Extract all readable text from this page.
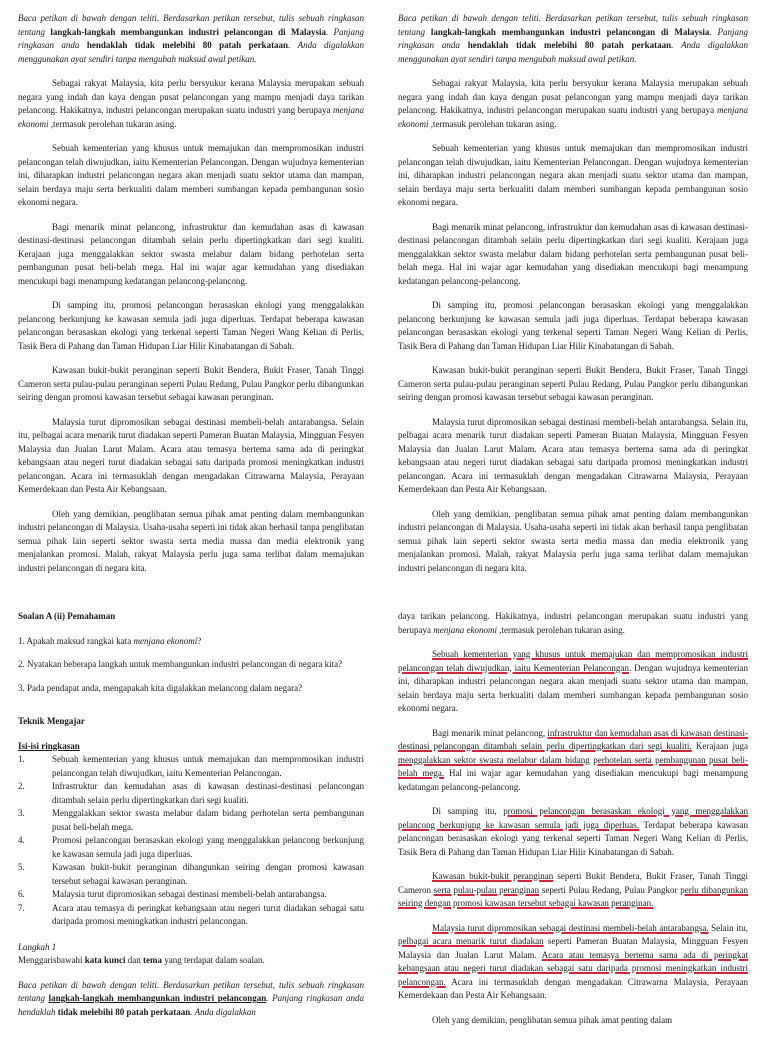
Baca petikan di bawah dengan teliti. Berdasarkan petikan tersebut, tulis sebuah ringkasan tentang langkah-langkah membangunkan industri pelancongan di Malaysia. Panjang ringkasan anda hendaklah tidak melebihi 80 patah perkataan. Anda digalakkan menggunakan ayat sendiri tanpa mengubah maksud awal petikan.

Sebagai rakyat Malaysia, kita perlu bersyukur kerana Malaysia merupakan sebuah negara yang indah dan kaya dengan pusat pelancongan yang mampu menjadi daya tarikan pelancong. Hakikatnya, industri pelancongan merupakan suatu industri yang berupaya menjana ekonomi ,termasuk perolehan tukaran asing.

Sebuah kementerian yang khusus untuk memajukan dan mempromosikan industri pelancongan telah diwujudkan, iaitu Kementerian Pelancongan. Dengan wujudnya kementerian ini, diharapkan industri pelancongan negara akan menjadi suatu sektor utama dan mampan, selain berdaya maju serta berkualiti dalam memberi sumbangan kepada pembangunan sosio ekonomi negara.

Bagi menarik minat pelancong, infrastruktur dan kemudahan asas di kawasan destinasi-destinasi pelancongan ditambah selain perlu dipertingkatkan dari segi kualiti. Kerajaan juga menggalakkan sektor swasta melabur dalam bidang perhotelan serta pembangunan pusat beli-belah mega. Hal ini wajar agar kemudahan yang disediakan mencukupi bagi menampung kedatangan pelancong-pelancong.

Di samping itu, promosi pelancongan berasaskan ekologi yang menggalakkan pelancong berkunjung ke kawasan semula jadi juga diperluas. Terdapat beberapa kawasan pelancongan berasaskan ekologi yang terkenal seperti Taman Negeri Wang Kelian di Perlis, Tasik Bera di Pahang dan Taman Hidupan Liar Hilir Kinabatangan di Sabah.

Kawasan bukit-bukit peranginan seperti Bukit Bendera, Bukit Fraser, Tanah Tinggi Cameron serta pulau-pulau peranginan seperti Pulau Redang, Pulau Pangkor perlu dibangunkan seiring dengan promosi kawasan tersebut sebagai kawasan peranginan.

Malaysia turut dipromosikan sebagai destinasi membeli-belah antarabangsa. Selain itu, pelbagai acara menarik turut diadakan seperti Pameran Buatan Malaysia, Mingguan Fesyen Malaysia dan Jualan Larut Malam. Acara atau temasya bertema sama ada di peringkat kebangsaan atau negeri turut diadakan sebagai satu daripada promosi meningkatkan industri pelancongan. Acara ini termasuklah dengan mengadakan Citrawarna Malaysia, Perayaan Kemerdekaan dan Pesta Air Kebangsaan.

Oleh yang demikian, penglibatan semua pihak amat penting dalam membangunkan industri pelancongan di Malaysia. Usaha-usaha seperti ini tidak akan berhasil tanpa penglibatan semua pihak lain seperti sektor swasta serta media massa dan media elektronik yang menjalankan promosi. Malah, rakyat Malaysia perlu juga sama terlibat dalam memajukan industri pelancongan di negara kita.

Baca petikan di bawah dengan teliti. Berdasarkan petikan tersebut, tulis sebuah ringkasan tentang langkah-langkah membangunkan industri pelancongan di Malaysia. Panjang ringkasan anda hendaklah tidak melebihi 80 patah perkataan. Anda digalakkan menggunakan ayat sendiri tanpa mengubah maksud awal petikan.

Sebagai rakyat Malaysia, kita perlu bersyukur kerana Malaysia merupakan sebuah negara yang indah dan kaya dengan pusat pelancongan yang mampu menjadi daya tarikan pelancong. Hakikatnya, industri pelancongan merupakan suatu industri yang berupaya menjana ekonomi ,termasuk perolehan tukaran asing.

Sebuah kementerian yang khusus untuk memajukan dan mempromosikan industri pelancongan telah diwujudkan, iaitu Kementerian Pelancongan. Dengan wujudnya kementerian ini, diharapkan industri pelancongan negara akan menjadi suatu sektor utama dan mampan, selain berdaya maju serta berkualiti dalam memberi sumbangan kepada pembangunan sosio ekonomi negara.

Bagi menarik minat pelancong, infrastruktur dan kemudahan asas di kawasan destinasi-destinasi pelancongan ditambah selain perlu dipertingkatkan dari segi kualiti. Kerajaan juga menggalakkan sektor swasta melabur dalam bidang perhotelan serta pembangunan pusat beli-belah mega. Hal ini wajar agar kemudahan yang disediakan mencukupi bagi menampung kedatangan pelancong-pelancong.

Di samping itu, promosi pelancongan berasaskan ekologi yang menggalakkan pelancong berkunjung ke kawasan semula jadi juga diperluas. Terdapat beberapa kawasan pelancongan berasaskan ekologi yang terkenal seperti Taman Negeri Wang Kelian di Perlis, Tasik Bera di Pahang dan Taman Hidupan Liar Hilir Kinabatangan di Sabah.

Kawasan bukit-bukit peranginan seperti Bukit Bendera, Bukit Fraser, Tanah Tinggi Cameron serta pulau-pulau peranginan seperti Pulau Redang, Pulau Pangkor perlu dibangunkan seiring dengan promosi kawasan tersebut sebagai kawasan peranginan.

Malaysia turut dipromosikan sebagai destinasi membeli-belah antarabangsa. Selain itu, pelbagai acara menarik turut diadakan seperti Pameran Buatan Malaysia, Mingguan Fesyen Malaysia dan Jualan Larut Malam. Acara atau temasya bertema sama ada di peringkat kebangsaan atau negeri turut diadakan sebagai satu daripada promosi meningkatkan industri pelancongan. Acara ini termasuklah dengan mengadakan Citrawarna Malaysia, Perayaan Kemerdekaan dan Pesta Air Kebangsaan.

Oleh yang demikian, penglibatan semua pihak amat penting dalam membangunkan industri pelancongan di Malaysia. Usaha-usaha seperti ini tidak akan berhasil tanpa penglibatan semua pihak lain seperti sektor swasta serta media massa dan media elektronik yang menjalankan promosi. Malah, rakyat Malaysia perlu juga sama terlibat dalam memajukan industri pelancongan di negara kita.

Soalan A (ii) Pemahaman

1. Apakah maksud rangkai kata menjana ekonomi?

2. Nyatakan beberapa langkah untuk membangunkan industri pelancongan di negara kita?

3. Pada pendapat anda, mengapakah kita digalakkan melancong dalam negara?

Teknik Mengajar

Isi-isi ringkasan

1.	Sebuah kementerian yang khusus untuk memajukan dan mempromosikan industri pelancongan telah diwujudkan, iaitu Kementerian Pelancongan.
2.	Infrastruktur dan kemudahan asas di kawasan destinasi-destinasi pelancongan ditambah selain perlu dipertingkatkan dari segi kualiti.
3.	Menggalakkan sektor swasta melabur dalam bidang perhotelan serta pembangunan pusat beli-belah mega.
4.	Promosi pelancongan berasaskan ekologi yang menggalakkan pelancong berkunjung ke kawasan semula jadi juga diperluas.
5.	Kawasan bukit-bukit peranginan dibangunkan seiring dengan promosi kawasan tersebut sebagai kawasan peranginan.
6.	Malaysia turut dipromosikan sebagai destinasi membeli-belah antarabangsa.
7.	Acara atau temasya di peringkat kebangsaan atau negeri turut diadakan sebagai satu daripada promosi meningkatkan industri pelancongan.

Langkah 1

Menggarisbawahi kata kunci dan tema yang terdapat dalam soalan.

Baca petikan di bawah dengan teliti. Berdasarkan petikan tersebut, tulis sebuah ringkasan tentang langkah-langkah membangunkan industri pelancongan. Panjang ringkasan anda hendaklah tidak melebihi 80 patah perkataan. Anda digalakkan

daya tarikan pelancong. Hakikatnya, industri pelancongan merupakan suatu industri yang berupaya menjana ekonomi ,termasuk perolehan tukaran asing.

Sebuah kementerian yang khusus untuk memajukan dan mempromosikan industri pelancongan telah diwujudkan, iaitu Kementerian Pelancongan. Dengan wujudnya kementerian ini, diharapkan industri pelancongan negara akan menjadi suatu sektor utama dan mampan, selain berdaya maju serta berkualiti dalam memberi sumbangan kepada pembangunan sosio ekonomi negara.

Bagi menarik minat pelancong, infrastruktur dan kemudahan asas di kawasan destinasi-destinasi pelancongan ditambah selain perlu dipertingkatkan dari segi kualiti. Kerajaan juga menggalakkan sektor swasta melabur dalam bidang perhotelan serta pembangunan pusat beli-belah mega. Hal ini wajar agar kemudahan yang disediakan mencukupi bagi menampung kedatangan pelancong-pelancong.

Di samping itu, promosi pelancongan berasaskan ekologi yang menggalakkan pelancong berkunjung ke kawasan semula jadi juga diperluas. Terdapat beberapa kawasan pelancongan berasaskan ekologi yang terkenal seperti Taman Negeri Wang Kelian di Perlis, Tasik Bera di Pahang dan Taman Hidupan Liar Hilir Kinabatangan di Sabah.

Kawasan bukit-bukit peranginan seperti Bukit Bendera, Bukit Fraser, Tanah Tinggi Cameron serta pulau-pulau peranginan seperti Pulau Redang, Pulau Pangkor perlu dibangunkan seiring dengan promosi kawasan tersebut sebagai kawasan peranginan.

Malaysia turut dipromosikan sebagai destinasi membeli-belah antarabangsa. Selain itu, pelbagai acara menarik turut diadakan seperti Pameran Buatan Malaysia, Mingguan Fesyen Malaysia dan Jualan Larut Malam. Acara atau temasya bertema sama ada di peringkat kebangsaan atau negeri turut diadakan sebagai satu daripada promosi meningkatkan industri pelancongan. Acara ini termasuklah dengan mengadakan Citrawarna Malaysia, Perayaan Kemerdekaan dan Pesta Air Kebangsaan.

Oleh yang demikian, penglibatan semua pihak amat penting dalam
